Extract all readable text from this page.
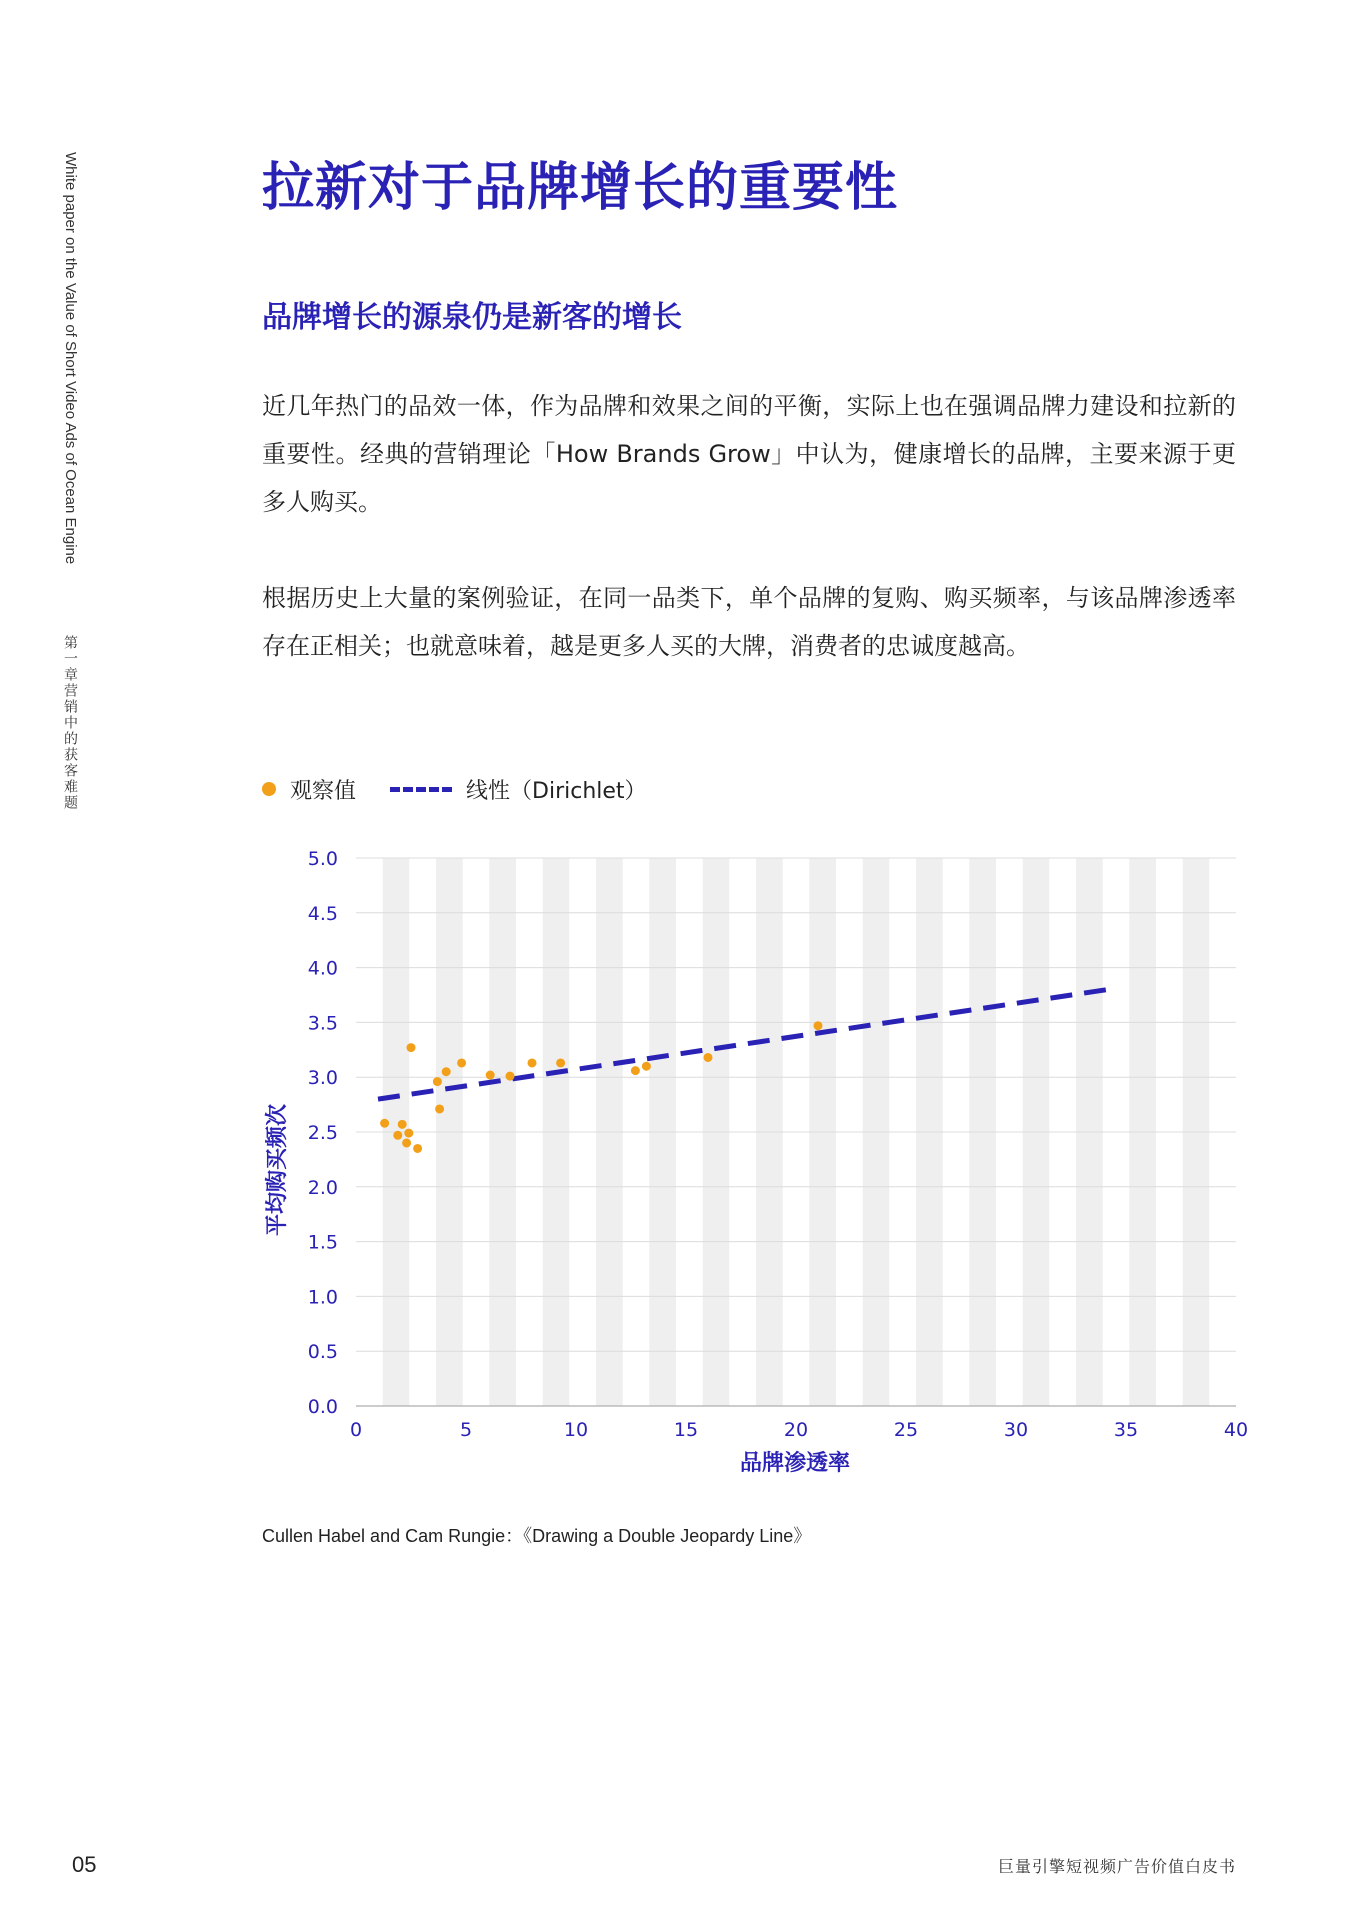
White paper on the Value of Short Video Ads of Ocean Engine
第一章营销中的获客难题
拉新对于品牌增长的重要性
品牌增长的源泉仍是新客的增长

近几年热门的品效一体，作为品牌和效果之间的平衡，实际上也在强调品牌力建设和拉新的重要性。经典的营销理论「How Brands Grow」中认为，健康增长的品牌，主要来源于更多人购买。

根据历史上大量的案例验证，在同一品类下，单个品牌的复购、购买频率，与该品牌渗透率存在正相关；也就意味着，越是更多人买的大牌，消费者的忠诚度越高。

观察值	线性（Dirichlet）
0.0
0.5
1.0
1.5
2.0
2.5
3.0
3.5
4.0
4.5
5.0
0	5	10	15	20	25	30	35	40
平均购买频次
品牌渗透率
Cullen Habel and Cam Rungie：《Drawing a Double Jeopardy Line》
05	巨量引擎短视频广告价值白皮书
